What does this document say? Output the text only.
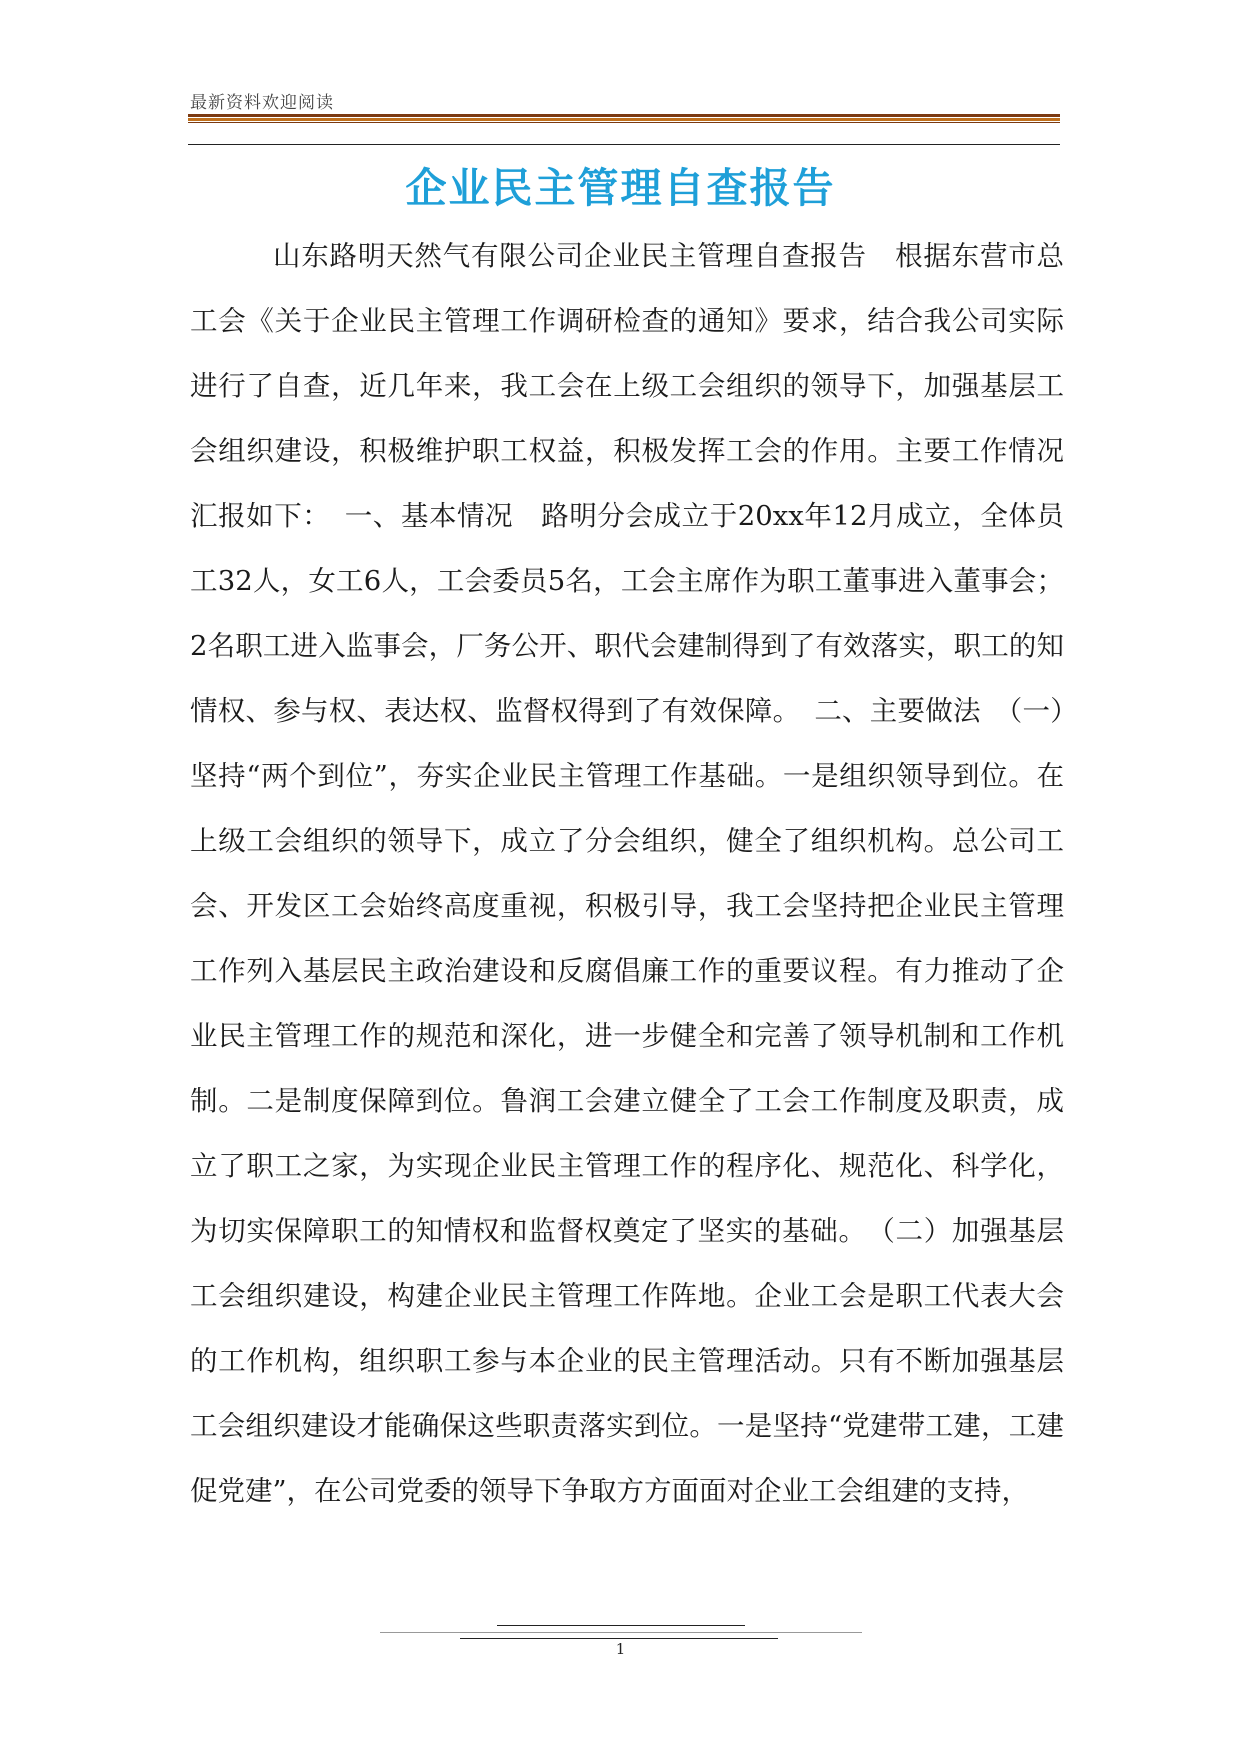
最新资料欢迎阅读
企业民主管理自查报告
山东路明天然气有限公司企业民主管理自查报告　根据东营市总工会《关于企业民主管理工作调研检查的通知》要求，结合我公司实际进行了自查，近几年来，我工会在上级工会组织的领导下，加强基层工会组织建设，积极维护职工权益，积极发挥工会的作用。主要工作情况汇报如下：　一、基本情况　路明分会成立于20xx年12月成立，全体员工32人，女工6人，工会委员5名，工会主席作为职工董事进入董事会；2名职工进入监事会，厂务公开、职代会建制得到了有效落实，职工的知情权、参与权、表达权、监督权得到了有效保障。　二、主要做法　（一）坚持“两个到位”，夯实企业民主管理工作基础。一是组织领导到位。在上级工会组织的领导下，成立了分会组织，健全了组织机构。总公司工会、开发区工会始终高度重视，积极引导，我工会坚持把企业民主管理工作列入基层民主政治建设和反腐倡廉工作的重要议程。有力推动了企业民主管理工作的规范和深化，进一步健全和完善了领导机制和工作机制。二是制度保障到位。鲁润工会建立健全了工会工作制度及职责，成立了职工之家，为实现企业民主管理工作的程序化、规范化、科学化，为切实保障职工的知情权和监督权奠定了坚实的基础。　（二）加强基层工会组织建设，构建企业民主管理工作阵地。企业工会是职工代表大会的工作机构，组织职工参与本企业的民主管理活动。只有不断加强基层工会组织建设才能确保这些职责落实到位。一是坚持“党建带工建，工建促党建”，在公司党委的领导下争取方方面面对企业工会组建的支持，
1
